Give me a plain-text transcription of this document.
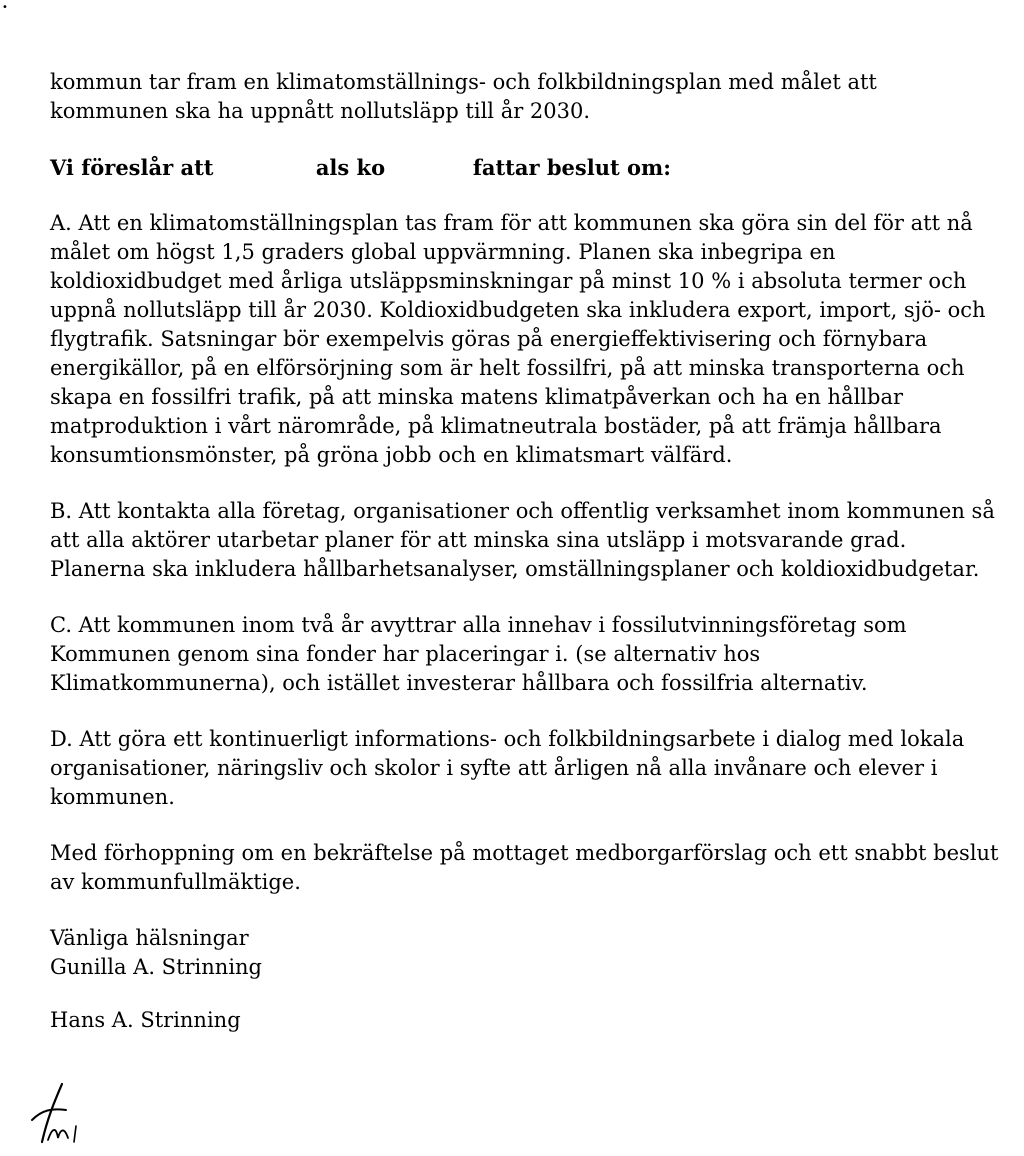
•

kommun tar fram en klimatomställnings- och folkbildningsplan med målet att
kommunen ska ha uppnått nollutsläpp till år 2030.

Vi föreslår att              als ko            fattar beslut om:

A. Att en klimatomställningsplan tas fram för att kommunen ska göra sin del för att nå
målet om högst 1,5 graders global uppvärmning. Planen ska inbegripa en
koldioxidbudget med årliga utsläppsminskningar på minst 10 % i absoluta termer och
uppnå nollutsläpp till år 2030. Koldioxidbudgeten ska inkludera export, import, sjö- och
flygtrafik. Satsningar bör exempelvis göras på energieffektivisering och förnybara
energikällor, på en elförsörjning som är helt fossilfri, på att minska transporterna och
skapa en fossilfri trafik, på att minska matens klimatpåverkan och ha en hållbar
matproduktion i vårt närområde, på klimatneutrala bostäder, på att främja hållbara
konsumtionsmönster, på gröna jobb och en klimatsmart välfärd.

B. Att kontakta alla företag, organisationer och offentlig verksamhet inom kommunen så
att alla aktörer utarbetar planer för att minska sina utsläpp i motsvarande grad.
Planerna ska inkludera hållbarhetsanalyser, omställningsplaner och koldioxidbudgetar.

C. Att kommunen inom två år avyttrar alla innehav i fossilutvinningsföretag som
Kommunen genom sina fonder har placeringar i. (se alternativ hos
Klimatkommunerna), och istället investerar hållbara och fossilfria alternativ.

D. Att göra ett kontinuerligt informations- och folkbildningsarbete i dialog med lokala
organisationer, näringsliv och skolor i syfte att årligen nå alla invånare och elever i
kommunen.

Med förhoppning om en bekräftelse på mottaget medborgarförslag och ett snabbt beslut
av kommunfullmäktige.

Vänliga hälsningar
Gunilla A. Strinning

Hans A. Strinning
